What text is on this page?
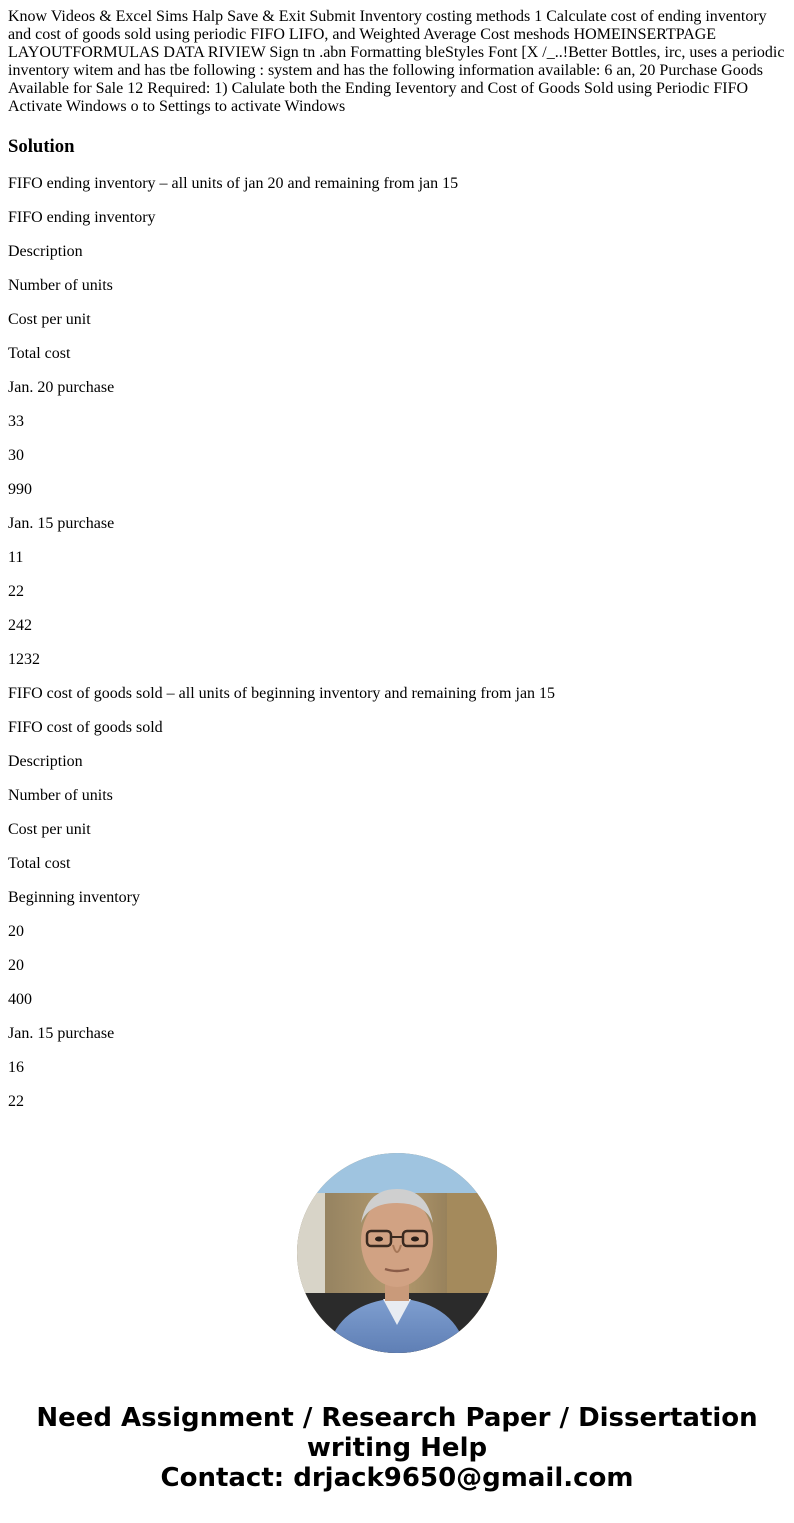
Know Videos & Excel Sims Halp Save & Exit Submit Inventory costing methods 1 Calculate cost of ending inventory and cost of goods sold using periodic FIFO LIFO, and Weighted Average Cost meshods HOMEINSERTPAGE LAYOUTFORMULAS DATA RIVIEW Sign tn .abn Formatting bleStyles Font [X /_..!Better Bottles, irc, uses a periodic inventory witem and has tbe following : system and has the following information available: 6 an, 20 Purchase Goods Available for Sale 12 Required: 1) Calulate both the Ending Ieventory and Cost of Goods Sold using Periodic FIFO Activate Windows o to Settings to activate Windows

Solution

FIFO ending inventory – all units of jan 20 and remaining from jan 15

FIFO ending inventory

Description

Number of units

Cost per unit

Total cost

Jan. 20 purchase

33

30

990

Jan. 15 purchase

11

22

242

1232

FIFO cost of goods sold – all units of beginning inventory and remaining from jan 15

FIFO cost of goods sold

Description

Number of units

Cost per unit

Total cost

Beginning inventory

20

20

400

Jan. 15 purchase

16

22

Need Assignment / Research Paper / Dissertation
writing Help
Contact: drjack9650@gmail.com
